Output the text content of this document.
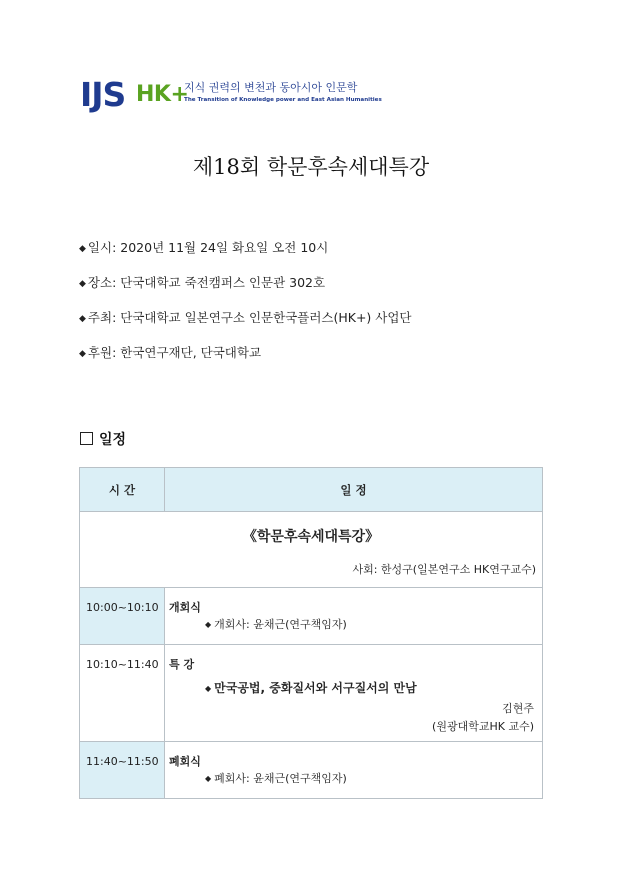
IJS HK+
지식 권력의 변천과 동아시아 인문학
The Transition of Knowledge power and East Asian Humanities
제18회 학문후속세대특강
◆ 일시: 2020년 11월 24일 화요일 오전 10시
◆ 장소: 단국대학교 죽전캠퍼스 인문관 302호
◆ 주최: 단국대학교 일본연구소 인문한국플러스(HK+) 사업단
◆ 후원: 한국연구재단, 단국대학교
일정
시 간	일 정

《학문후속세대특강》
사회: 한성구(일본연구소 HK연구교수)	

10:00~10:10	개회식
◆ 개회사: 윤채근(연구책임자)

10:10~11:40	특 강
◆ 만국공법, 중화질서와 서구질서의 만남
김현주
(원광대학교HK 교수)

11:40~11:50	폐회식
◆ 폐회사: 윤채근(연구책임자)
